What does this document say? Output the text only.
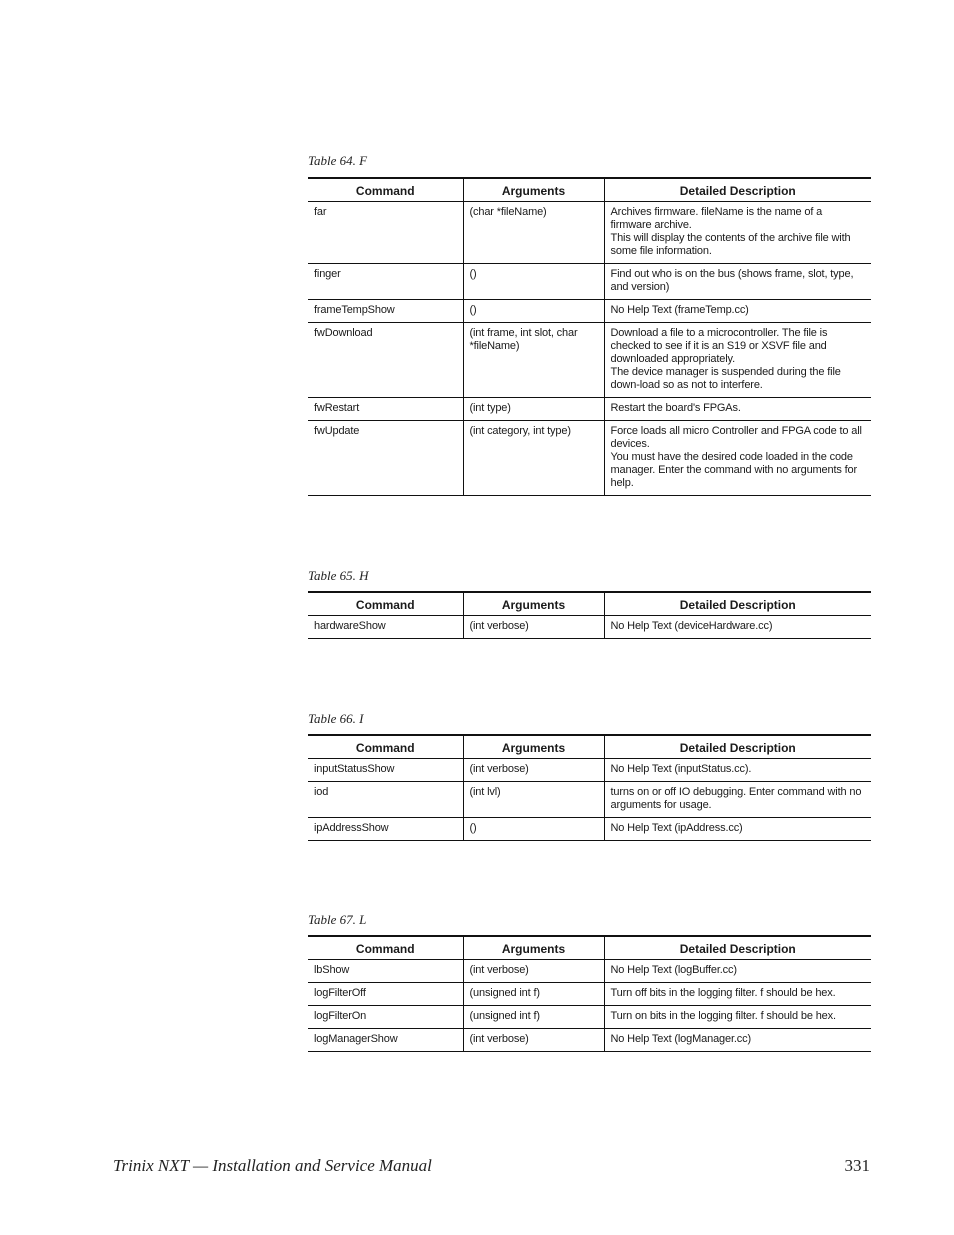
Table 64. F
Command	Arguments	Detailed Description
far	(char *fileName)	Archives firmware. fileName is the name of a firmware archive.
This will display the contents of the archive file with some file information.

finger	()	Find out who is on the bus (shows frame, slot, type, and version)

frameTempShow	()	No Help Text (frameTemp.cc)

fwDownload	(int frame, int slot, char *fileName)	Download a file to a microcontroller. The file is checked to see if it is an S19 or XSVF file and downloaded appropriately.
The device manager is suspended during the file down-load so as not to interfere.

fwRestart	(int type)	Restart the board's FPGAs.

fwUpdate	(int category, int type)	Force loads all micro Controller and FPGA code to all devices.
You must have the desired code loaded in the code manager. Enter the command with no arguments for help.
Table 65. H
Command	Arguments	Detailed Description
hardwareShow	(int verbose)	No Help Text (deviceHardware.cc)
Table 66. I
Command	Arguments	Detailed Description
inputStatusShow	(int verbose)	No Help Text (inputStatus.cc).

iod	(int lvl)	turns on or off IO debugging. Enter command with no arguments for usage.

ipAddressShow	()	No Help Text (ipAddress.cc)
Table 67. L
Command	Arguments	Detailed Description
lbShow	(int verbose)	No Help Text (logBuffer.cc)

logFilterOff	(unsigned int f)	Turn off bits in the logging filter. f should be hex.

logFilterOn	(unsigned int f)	Turn on bits in the logging filter. f should be hex.

logManagerShow	(int verbose)	No Help Text (logManager.cc)
Trinix NXT — Installation and Service Manual	331
